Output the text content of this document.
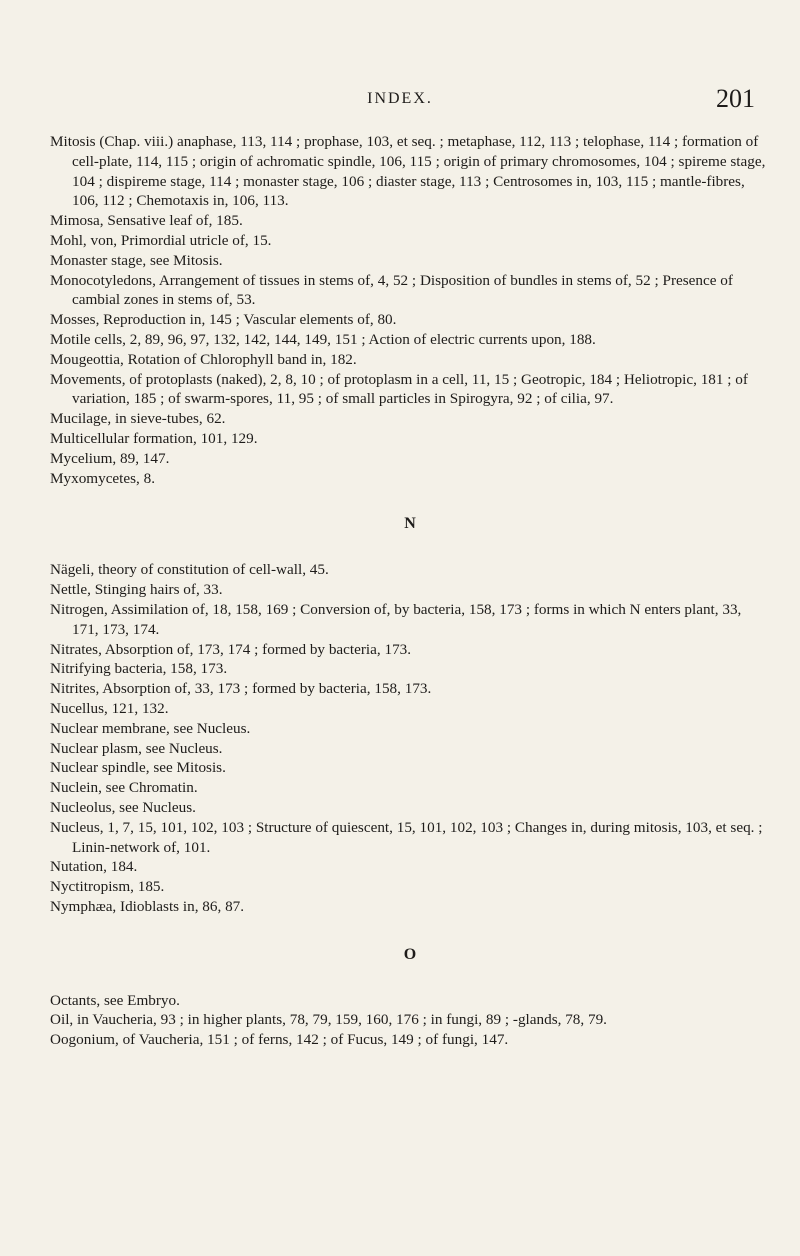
INDEX.	201

Mitosis (Chap. viii.) anaphase, 113, 114 ; prophase, 103, et seq. ; metaphase, 112, 113 ; telophase, 114 ; formation of cell-plate, 114, 115 ; origin of achromatic spindle, 106, 115 ; origin of primary chromosomes, 104 ; spireme stage, 104 ; dispireme stage, 114 ; monaster stage, 106 ; diaster stage, 113 ; Centrosomes in, 103, 115 ; mantle-fibres, 106, 112 ; Chemotaxis in, 106, 113.

Mimosa, Sensative leaf of, 185.

Mohl, von, Primordial utricle of, 15.

Monaster stage, see Mitosis.

Monocotyledons, Arrangement of tissues in stems of, 4, 52 ; Disposition of bundles in stems of, 52 ; Presence of cambial zones in stems of, 53.

Mosses, Reproduction in, 145 ; Vascular elements of, 80.

Motile cells, 2, 89, 96, 97, 132, 142, 144, 149, 151 ; Action of electric currents upon, 188.

Mougeottia, Rotation of Chlorophyll band in, 182.

Movements, of protoplasts (naked), 2, 8, 10 ; of protoplasm in a cell, 11, 15 ; Geotropic, 184 ; Heliotropic, 181 ; of variation, 185 ; of swarm-spores, 11, 95 ; of small particles in Spirogyra, 92 ; of cilia, 97.

Mucilage, in sieve-tubes, 62.

Multicellular formation, 101, 129.

Mycelium, 89, 147.

Myxomycetes, 8.

N

Nägeli, theory of constitution of cell-wall, 45.

Nettle, Stinging hairs of, 33.

Nitrogen, Assimilation of, 18, 158, 169 ; Conversion of, by bacteria, 158, 173 ; forms in which N enters plant, 33, 171, 173, 174.

Nitrates, Absorption of, 173, 174 ; formed by bacteria, 173.

Nitrifying bacteria, 158, 173.

Nitrites, Absorption of, 33, 173 ; formed by bacteria, 158, 173.

Nucellus, 121, 132.

Nuclear membrane, see Nucleus.

Nuclear plasm, see Nucleus.

Nuclear spindle, see Mitosis.

Nuclein, see Chromatin.

Nucleolus, see Nucleus.

Nucleus, 1, 7, 15, 101, 102, 103 ; Structure of quiescent, 15, 101, 102, 103 ; Changes in, during mitosis, 103, et seq. ; Linin-network of, 101.

Nutation, 184.

Nyctitropism, 185.

Nymphæa, Idioblasts in, 86, 87.

O

Octants, see Embryo.

Oil, in Vaucheria, 93 ; in higher plants, 78, 79, 159, 160, 176 ; in fungi, 89 ; -glands, 78, 79.

Oogonium, of Vaucheria, 151 ; of ferns, 142 ; of Fucus, 149 ; of fungi, 147.
